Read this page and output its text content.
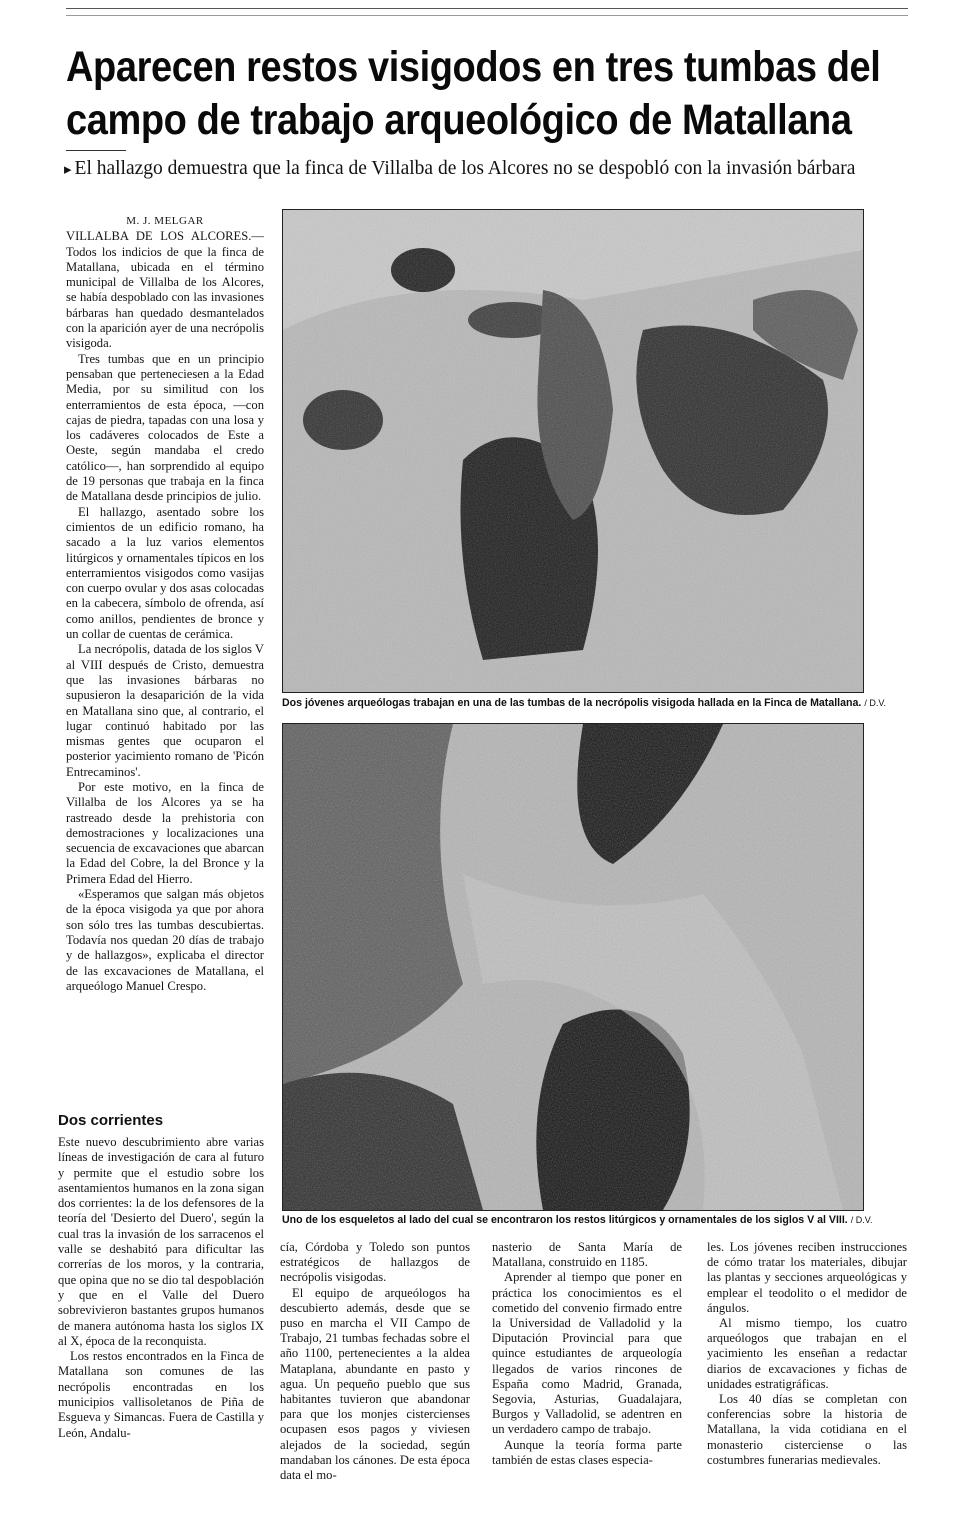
Aparecen restos visigodos en tres tumbas del
campo de trabajo arqueológico de Matallana
▸ El hallazgo demuestra que la finca de Villalba de los Alcores no se despobló con la invasión bárbara

M. J. MELGAR

VILLALBA DE LOS ALCORES.— Todos los indicios de que la finca de Matallana, ubicada en el término municipal de Villalba de los Alcores, se había despoblado con las invasiones bárbaras han quedado desmantelados con la aparición ayer de una necrópolis visigoda.

Tres tumbas que en un principio pensaban que perteneciesen a la Edad Media, por su similitud con los enterramientos de esta época, —con cajas de piedra, tapadas con una losa y los cadáveres colocados de Este a Oeste, según mandaba el credo católico—, han sorprendido al equipo de 19 personas que trabaja en la finca de Matallana desde principios de julio.

El hallazgo, asentado sobre los cimientos de un edificio romano, ha sacado a la luz varios elementos litúrgicos y ornamentales típicos en los enterramientos visigodos como vasijas con cuerpo ovular y dos asas colocadas en la cabecera, símbolo de ofrenda, así como anillos, pendientes de bronce y un collar de cuentas de cerámica.

La necrópolis, datada de los siglos V al VIII después de Cristo, demuestra que las invasiones bárbaras no supusieron la desaparición de la vida en Matallana sino que, al contrario, el lugar continuó habitado por las mismas gentes que ocuparon el posterior yacimiento romano de 'Picón Entrecaminos'.

Por este motivo, en la finca de Villalba de los Alcores ya se ha rastreado desde la prehistoria con demostraciones y localizaciones una secuencia de excavaciones que abarcan la Edad del Cobre, la del Bronce y la Primera Edad del Hierro.

«Esperamos que salgan más objetos de la época visigoda ya que por ahora son sólo tres las tumbas descubiertas. Todavía nos quedan 20 días de trabajo y de hallazgos», explicaba el director de las excavaciones de Matallana, el arqueólogo Manuel Crespo.

Dos corrientes

Este nuevo descubrimiento abre varias líneas de investigación de cara al futuro y permite que el estudio sobre los asentamientos humanos en la zona sigan dos corrientes: la de los defensores de la teoría del 'Desierto del Duero', según la cual tras la invasión de los sarracenos el valle se deshabitó para dificultar las correrías de los moros, y la contraria, que opina que no se dio tal despoblación y que en el Valle del Duero sobrevivieron bastantes grupos humanos de manera autónoma hasta los siglos IX al X, época de la reconquista.

Los restos encontrados en la Finca de Matallana son comunes de las necrópolis encontradas en los municipios vallisoletanos de Piña de Esgueva y Simancas. Fuera de Castilla y León, Andalu-

Dos jóvenes arqueólogas trabajan en una de las tumbas de la necrópolis visigoda hallada en la Finca de Matallana. / D.V.
Uno de los esqueletos al lado del cual se encontraron los restos litúrgicos y ornamentales de los siglos V al VIII. / D.V.

cía, Córdoba y Toledo son puntos estratégicos de hallazgos de necrópolis visigodas.

El equipo de arqueólogos ha descubierto además, desde que se puso en marcha el VII Campo de Trabajo, 21 tumbas fechadas sobre el año 1100, pertenecientes a la aldea Mataplana, abundante en pasto y agua. Un pequeño pueblo que sus habitantes tuvieron que abandonar para que los monjes cistercienses ocupasen esos pagos y viviesen alejados de la sociedad, según mandaban los cánones. De esta época data el mo-

nasterio de Santa María de Matallana, construido en 1185.

Aprender al tiempo que poner en práctica los conocimientos es el cometido del convenio firmado entre la Universidad de Valladolid y la Diputación Provincial para que quince estudiantes de arqueología llegados de varios rincones de España como Madrid, Granada, Segovia, Asturias, Guadalajara, Burgos y Valladolid, se adentren en un verdadero campo de trabajo.

Aunque la teoría forma parte también de estas clases especia-

les. Los jóvenes reciben instrucciones de cómo tratar los materiales, dibujar las plantas y secciones arqueológicas y emplear el teodolito o el medidor de ángulos.

Al mismo tiempo, los cuatro arqueólogos que trabajan en el yacimiento les enseñan a redactar diarios de excavaciones y fichas de unidades estratigráficas.

Los 40 días se completan con conferencias sobre la historia de Matallana, la vida cotidiana en el monasterio cisterciense o las costumbres funerarias medievales.
